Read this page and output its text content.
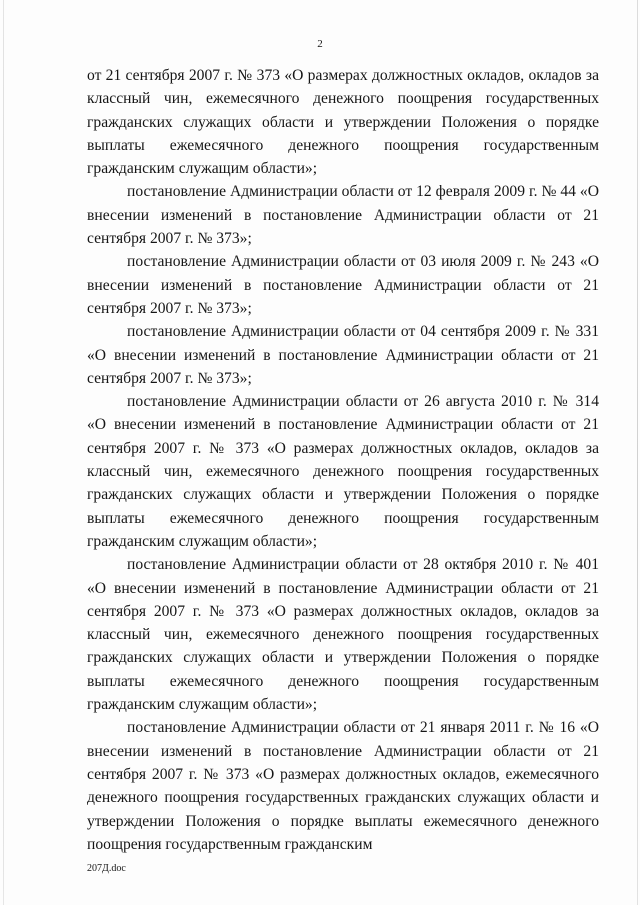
2

от 21 сентября 2007 г. № 373 «О размерах должностных окладов, окладов за классный чин, ежемесячного денежного поощрения государственных гражданских служащих области и утверждении Положения о порядке выплаты ежемесячного денежного поощрения государственным гражданским служащим области»;

постановление Администрации области от 12 февраля 2009 г. № 44 «О внесении изменений в постановление Администрации области от 21 сентября 2007 г. № 373»;

постановление Администрации области от 03 июля 2009 г. № 243 «О внесении изменений в постановление Администрации области от 21 сентября 2007 г. № 373»;

постановление Администрации области от 04 сентября 2009 г. № 331 «О внесении изменений в постановление Администрации области от 21 сентября 2007 г. № 373»;

постановление Администрации области от 26 августа 2010 г. № 314 «О внесении изменений в постановление Администрации области от 21 сентября 2007 г. № 373 «О размерах должностных окладов, окладов за классный чин, ежемесячного денежного поощрения государственных гражданских служащих области и утверждении Положения о порядке выплаты ежемесячного денежного поощрения государственным гражданским служащим области»;

постановление Администрации области от 28 октября 2010 г. № 401 «О внесении изменений в постановление Администрации области от 21 сентября 2007 г. № 373 «О размерах должностных окладов, окладов за классный чин, ежемесячного денежного поощрения государственных гражданских служащих области и утверждении Положения о порядке выплаты ежемесячного денежного поощрения государственным гражданским служащим области»;

постановление Администрации области от 21 января 2011 г. № 16 «О внесении изменений в постановление Администрации области от 21 сентября 2007 г. № 373 «О размерах должностных окладов, ежемесячного денежного поощрения государственных гражданских служащих области и утверждении Положения о порядке выплаты ежемесячного денежного поощрения государственным гражданским

207Д.doc
